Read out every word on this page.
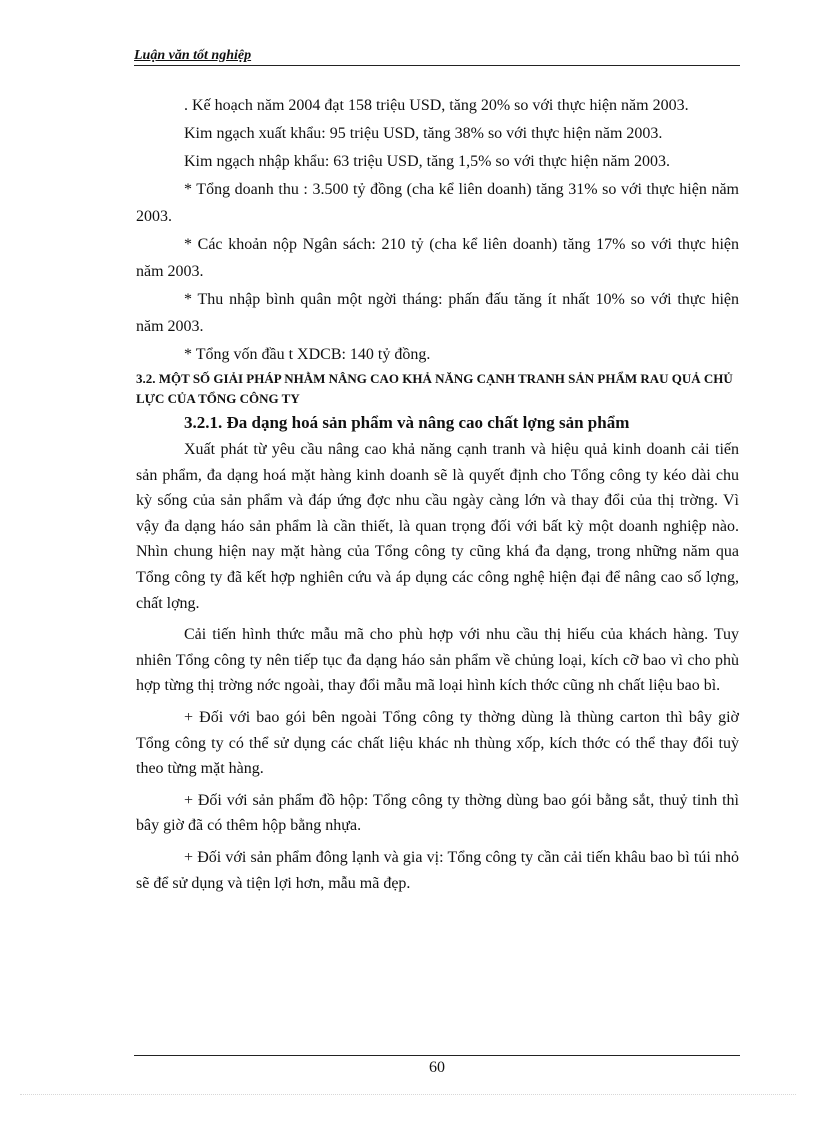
Luận văn tốt nghiệp

. Kế hoạch năm 2004 đạt 158 triệu USD, tăng 20% so với thực hiện năm 2003.

Kim ngạch xuất khẩu: 95 triệu USD, tăng 38% so với thực hiện năm 2003.

Kim ngạch nhập khẩu: 63 triệu USD, tăng 1,5% so với thực hiện năm 2003.

* Tổng doanh thu : 3.500 tỷ đồng (cha kể liên doanh) tăng 31% so với thực hiện năm 2003.

* Các khoản nộp Ngân sách: 210 tỷ (cha kể liên doanh) tăng 17% so với thực hiện năm 2003.

* Thu nhập bình quân một ngời tháng: phấn đấu tăng ít nhất 10% so với thực hiện năm 2003.

* Tổng vốn đầu t XDCB: 140 tỷ đồng.

3.2. MỘT SỐ GIẢI PHÁP NHẰM NÂNG CAO KHẢ NĂNG CẠNH TRANH SẢN PHẨM RAU QUẢ CHỦ LỰC CỦA TỔNG CÔNG TY

3.2.1. Đa dạng hoá sản phẩm và nâng cao chất lợng sản phẩm

Xuất phát từ yêu cầu nâng cao khả năng cạnh tranh và hiệu quả kinh doanh cải tiến sản phẩm, đa dạng hoá mặt hàng kinh doanh sẽ là quyết định cho Tổng công ty kéo dài chu kỳ sống của sản phẩm và đáp ứng đợc nhu cầu ngày càng lớn và thay đổi của thị trờng. Vì vậy đa dạng háo sản phẩm là cần thiết, là quan trọng đối với bất kỳ một doanh nghiệp nào. Nhìn chung hiện nay mặt hàng của Tổng công ty cũng khá đa dạng, trong những năm qua Tổng công ty đã kết hợp nghiên cứu và áp dụng các công nghệ hiện đại để nâng cao số lợng, chất lợng.

Cải tiến hình thức mẫu mã cho phù hợp với nhu cầu thị hiếu của khách hàng. Tuy nhiên Tổng công ty nên tiếp tục đa dạng háo sản phẩm về chủng loại, kích cỡ bao vì cho phù hợp từng thị trờng nớc ngoài, thay đổi mẫu mã loại hình kích thớc cũng nh chất liệu bao bì.

+ Đối với bao gói bên ngoài Tổng công ty thờng dùng là thùng carton thì bây giờ Tổng công ty có thể sử dụng các chất liệu khác nh thùng xốp, kích thớc có thể thay đổi tuỳ theo từng mặt hàng.

+ Đối với sản phẩm đồ hộp: Tổng công ty thờng dùng bao gói bằng sắt, thuỷ tinh thì bây giờ đã có thêm hộp bằng nhựa.

+ Đối với sản phẩm đông lạnh và gia vị: Tổng công ty cần cải tiến khâu bao bì túi nhỏ sẽ để sử dụng và tiện lợi hơn, mẫu mã đẹp.

60
